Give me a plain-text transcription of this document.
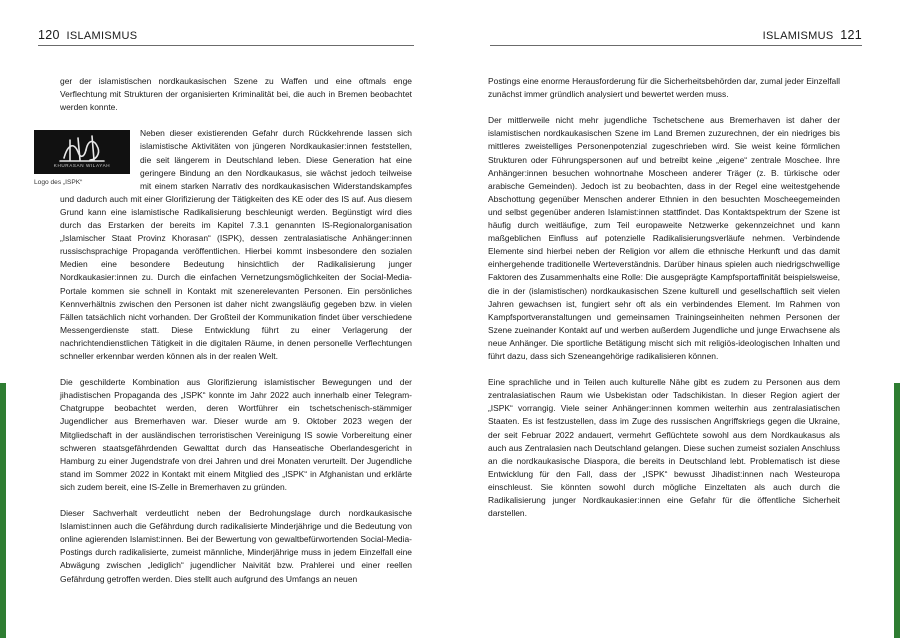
120 ISLAMISMUS

ger der islamistischen nordkaukasischen Szene zu Waffen und eine oftmals enge Verflechtung mit Strukturen der organisierten Kriminalität bei, die auch in Bremen beobachtet werden konnte.

KHURASAN WILAYAH
Logo des „ISPK“
Neben dieser existierenden Gefahr durch Rückkehrende lassen sich islamistische Aktivitäten von jüngeren Nordkaukasier:innen feststellen, die seit längerem in Deutschland leben. Diese Generation hat eine geringere Bindung an den Nordkaukasus, sie wächst jedoch teilweise mit einem starken Narrativ des nordkaukasischen Widerstandskampfes und dadurch auch mit einer Glorifizierung der Tätigkeiten des KE oder des IS auf. Aus diesem Grund kann eine islamistische Radikalisierung beschleunigt werden. Begünstigt wird dies durch das Erstarken der bereits im Kapitel 7.3.1 genannten IS-Regionalorganisation „Islamischer Staat Provinz Khorasan“ (ISPK), dessen zentralasiatische Anhänger:innen russischsprachige Propaganda veröffentlichen. Hierbei kommt insbesondere den sozialen Medien eine besondere Bedeutung hinsichtlich der Radikalisierung junger Nordkaukasier:innen zu. Durch die einfachen Vernetzungsmöglichkeiten der Social-Media-Portale kommen sie schnell in Kontakt mit szenerelevanten Personen. Ein persönliches Kennverhältnis zwischen den Personen ist daher nicht zwangsläufig gegeben bzw. in vielen Fällen tatsächlich nicht vorhanden. Der Großteil der Kommunikation findet über verschiedene Messengerdienste statt. Diese Entwicklung führt zu einer Verlagerung der nachrichtendienstlichen Tätigkeit in die digitalen Räume, in denen personelle Verflechtungen schneller erkennbar werden können als in der realen Welt.

Die geschilderte Kombination aus Glorifizierung islamistischer Bewegungen und der jihadistischen Propaganda des „ISPK“ konnte im Jahr 2022 auch innerhalb einer Telegram-Chatgruppe beobachtet werden, deren Wortführer ein tschetschenisch-stämmiger Jugendlicher aus Bremerhaven war. Dieser wurde am 9. Oktober 2023 wegen der Mitgliedschaft in der ausländischen terroristischen Vereinigung IS sowie Vorbereitung einer schweren staatsgefährdenden Gewalttat durch das Hanseatische Oberlandesgericht in Hamburg zu einer Jugendstrafe von drei Jahren und drei Monaten verurteilt. Der Jugendliche stand im Sommer 2022 in Kontakt mit einem Mitglied des „ISPK“ in Afghanistan und erklärte sich zudem bereit, eine IS-Zelle in Bremerhaven zu gründen.

Dieser Sachverhalt verdeutlicht neben der Bedrohungslage durch nordkaukasische Islamist:innen auch die Gefährdung durch radikalisierte Minderjährige und die Bedeutung von online agierenden Islamist:innen. Bei der Bewertung von gewaltbefürwortenden Social-Media-Postings durch radikalisierte, zumeist männliche, Minderjährige muss in jedem Einzelfall eine Abwägung zwischen „lediglich“ jugendlicher Naivität bzw. Prahlerei und einer reellen Gefährdung getroffen werden. Dies stellt auch aufgrund des Umfangs an neuen

ISLAMISMUS 121

Postings eine enorme Herausforderung für die Sicherheitsbehörden dar, zumal jeder Einzelfall zunächst immer gründlich analysiert und bewertet werden muss.

Der mittlerweile nicht mehr jugendliche Tschetschene aus Bremerhaven ist daher der islamistischen nordkaukasischen Szene im Land Bremen zuzurechnen, der ein niedriges bis mittleres zweistelliges Personenpotenzial zugeschrieben wird. Sie weist keine förmlichen Strukturen oder Führungspersonen auf und betreibt keine „eigene“ zentrale Moschee. Ihre Anhänger:innen besuchen wohnortnahe Moscheen anderer Träger (z. B. türkische oder arabische Gemeinden). Jedoch ist zu beobachten, dass in der Regel eine weitestgehende Abschottung gegenüber Menschen anderer Ethnien in den besuchten Moscheegemeinden und selbst gegenüber anderen Islamist:innen stattfindet. Das Kontaktspektrum der Szene ist häufig durch weitläufige, zum Teil europaweite Netzwerke gekennzeichnet und kann maßgeblichen Einfluss auf potenzielle Radikalisierungsverläufe nehmen. Verbindende Elemente sind hierbei neben der Religion vor allem die ethnische Herkunft und das damit einhergehende traditionelle Werteverständnis. Darüber hinaus spielen auch niedrigschwellige Faktoren des Zusammenhalts eine Rolle: Die ausgeprägte Kampfsportaffinität beispielsweise, die in der (islamistischen) nordkaukasischen Szene kulturell und gesellschaftlich seit vielen Jahren gewachsen ist, fungiert sehr oft als ein verbindendes Element. Im Rahmen von Kampfsportveranstaltungen und gemeinsamen Trainingseinheiten nehmen Personen der Szene zueinander Kontakt auf und werben außerdem Jugendliche und junge Erwachsene als neue Anhänger. Die sportliche Betätigung mischt sich mit religiös-ideologischen Inhalten und führt dazu, dass sich Szeneangehörige radikalisieren können.

Eine sprachliche und in Teilen auch kulturelle Nähe gibt es zudem zu Personen aus dem zentralasiatischen Raum wie Usbekistan oder Tadschikistan. In dieser Region agiert der „ISPK“ vorrangig. Viele seiner Anhänger:innen kommen weiterhin aus zentralasiatischen Staaten. Es ist festzustellen, dass im Zuge des russischen Angriffskriegs gegen die Ukraine, der seit Februar 2022 andauert, vermehrt Geflüchtete sowohl aus dem Nordkaukasus als auch aus Zentralasien nach Deutschland gelangen. Diese suchen zumeist sozialen Anschluss an die nordkaukasische Diaspora, die bereits in Deutschland lebt. Problematisch ist diese Entwicklung für den Fall, dass der „ISPK“ bewusst Jihadist:innen nach Westeuropa einschleust. Sie könnten sowohl durch mögliche Einzeltaten als auch durch die Radikalisierung junger Nordkaukasier:innen eine Gefahr für die öffentliche Sicherheit darstellen.
